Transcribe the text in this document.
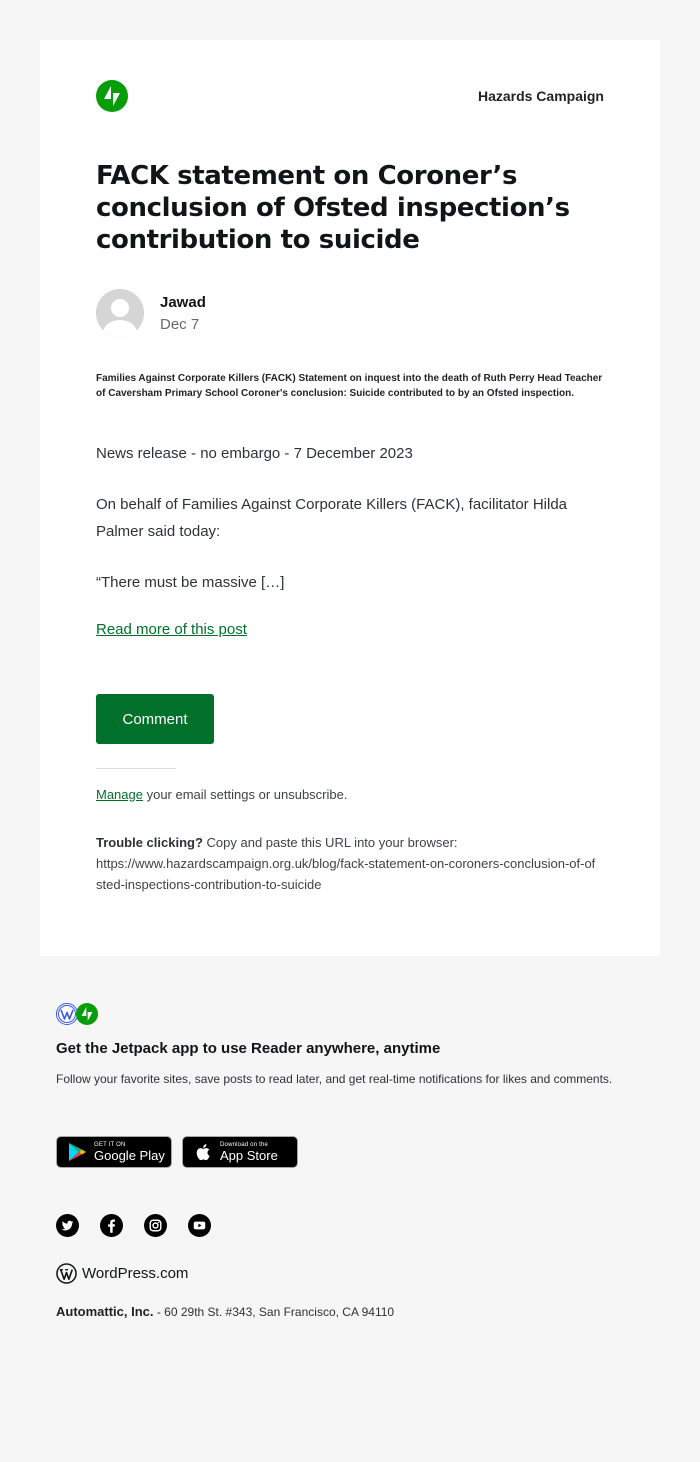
Hazards Campaign
FACK statement on Coroner’s conclusion of Ofsted inspection’s contribution to suicide
Jawad
Dec 7
Families Against Corporate Killers (FACK) Statement on inquest into the death of Ruth Perry Head Teacher of Caversham Primary School Coroner's conclusion: Suicide contributed to by an Ofsted inspection.
News release - no embargo - 7 December 2023
On behalf of Families Against Corporate Killers (FACK), facilitator Hilda Palmer said today:
“There must be massive […]
Read more of this post
Comment
Manage your email settings or unsubscribe.
Trouble clicking? Copy and paste this URL into your browser:
https://www.hazardscampaign.org.uk/blog/fack-statement-on-coroners-conclusion-of-ofsted-inspections-contribution-to-suicide
Get the Jetpack app to use Reader anywhere, anytime
Follow your favorite sites, save posts to read later, and get real-time notifications for likes and comments.
GET IT ON
Google Play
Download on the
App Store
WordPress.com
Automattic, Inc. - 60 29th St. #343, San Francisco, CA 94110
